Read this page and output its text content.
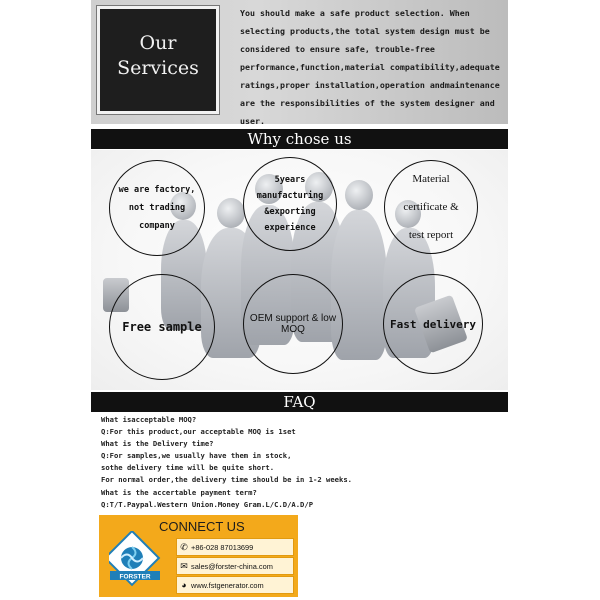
Our
Services
You should make a safe product selection. When selecting products,the total system design must be considered to ensure safe, trouble-free performance,function,material compatibility,adequate ratings,proper installation,operation andmaintenance are the responsibilities of the system designer and user.
Why chose us
we are factory,
not trading
company
5years
manufacturing
&exporting
experience
Material
certificate &
test report
Free sample
OEM support & low MOQ	Fast delivery
FAQ
What isacceptable MOQ?
Q:For this product,our acceptable MOQ is 1set
What is the Delivery time?
Q:For samples,we usually have them in stock,
sothe delivery time will be quite short.
For normal order,the delivery time should be in 1-2 weeks.
What is the accertable payment term?
Q:T/T.Paypal.Western Union.Money Gram.L/C.D/A.D/P
CONNECT US
FORSTER
✆ +86-028 87013699
✉ sales@forster-china.com
◕ www.fstgenerator.com
